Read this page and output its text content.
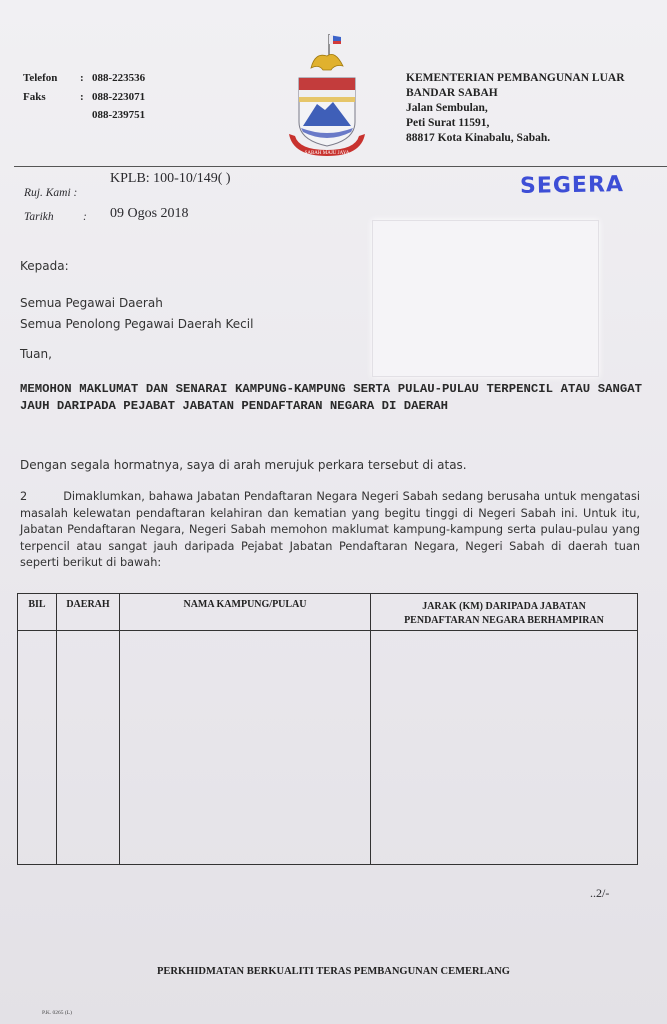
Telefon : 088-223536
Faks	: 088-223071
088-239751
SABAH MAJU JAYA
KEMENTERIAN PEMBANGUNAN LUAR
BANDAR SABAH
Jalan Sembulan,
Peti Surat 11591,
88817 Kota Kinabalu, Sabah.
Ruj. Kami :
KPLB: 100-10/149( )
Tarikh	: 09 Ogos 2018
SEGERA
Kepada:
Semua Pegawai Daerah
Semua Penolong Pegawai Daerah Kecil
Tuan,
MEMOHON MAKLUMAT DAN SENARAI KAMPUNG-KAMPUNG SERTA PULAU-PULAU TERPENCIL ATAU SANGAT JAUH DARIPADA PEJABAT JABATAN PENDAFTARAN NEGARA DI DAERAH
Dengan segala hormatnya, saya di arah merujuk perkara tersebut di atas.
2	Dimaklumkan, bahawa Jabatan Pendaftaran Negara Negeri Sabah sedang berusaha untuk mengatasi masalah kelewatan pendaftaran kelahiran dan kematian yang begitu tinggi di Negeri Sabah ini. Untuk itu, Jabatan Pendaftaran Negara, Negeri Sabah memohon maklumat kampung-kampung serta pulau-pulau yang terpencil atau sangat jauh daripada Pejabat Jabatan Pendaftaran Negara, Negeri Sabah di daerah tuan seperti berikut di bawah:
BIL	DAERAH	NAMA KAMPUNG/PULAU	JARAK (KM) DARIPADA JABATAN
PENDAFTARAN NEGARA BERHAMPIRAN
..2/-
PERKHIDMATAN BERKUALITI TERAS PEMBANGUNAN CEMERLANG
P.K. 0265 (L)
